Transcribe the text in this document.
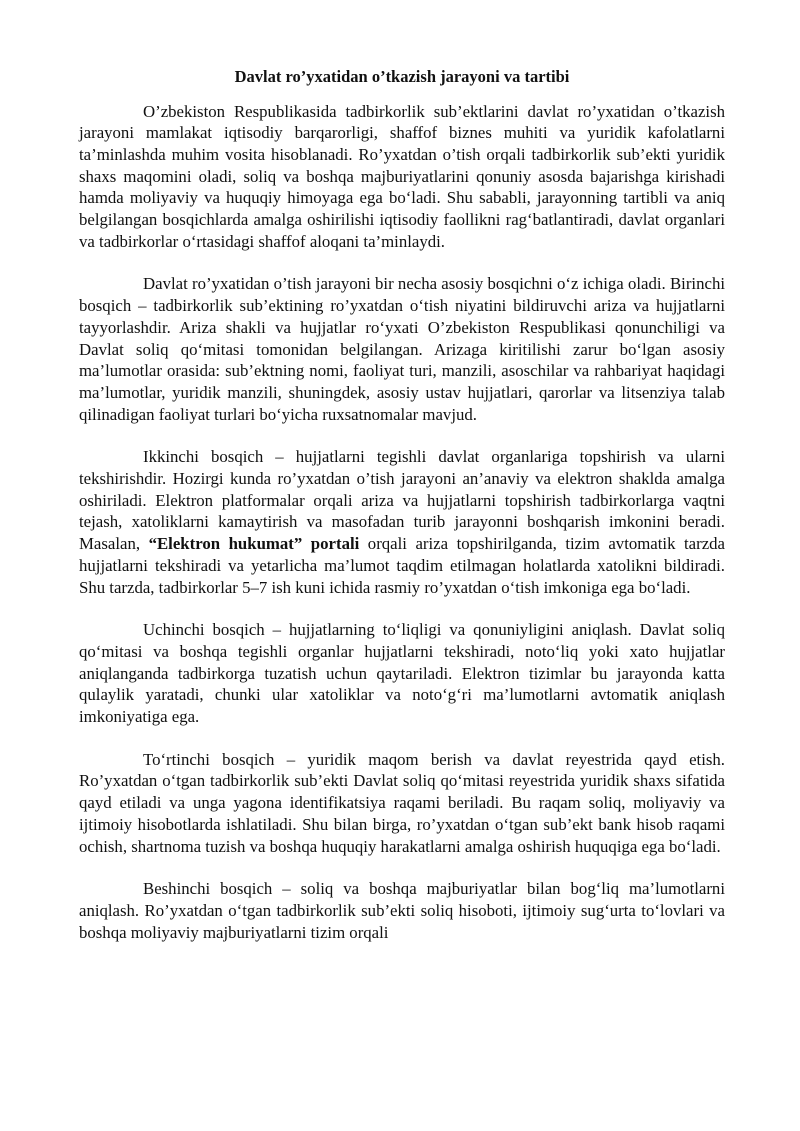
Davlat ro’yxatidan o’tkazish jarayoni va tartibi

O’zbekiston Respublikasida tadbirkorlik sub’ektlarini davlat ro’yxatidan o’tkazish jarayoni mamlakat iqtisodiy barqarorligi, shaffof biznes muhiti va yuridik kafolatlarni ta’minlashda muhim vosita hisoblanadi. Ro’yxatdan o’tish orqali tadbirkorlik sub’ekti yuridik shaxs maqomini oladi, soliq va boshqa majburiyatlarini qonuniy asosda bajarishga kirishadi hamda moliyaviy va huquqiy himoyaga ega bo‘ladi. Shu sababli, jarayonning tartibli va aniq belgilangan bosqichlarda amalga oshirilishi iqtisodiy faollikni rag‘batlantiradi, davlat organlari va tadbirkorlar o‘rtasidagi shaffof aloqani ta’minlaydi.

Davlat ro’yxatidan o’tish jarayoni bir necha asosiy bosqichni o‘z ichiga oladi. Birinchi bosqich – tadbirkorlik sub’ektining ro’yxatdan o‘tish niyatini bildiruvchi ariza va hujjatlarni tayyorlashdir. Ariza shakli va hujjatlar ro‘yxati O’zbekiston Respublikasi qonunchiligi va Davlat soliq qo‘mitasi tomonidan belgilangan. Arizaga kiritilishi zarur bo‘lgan asosiy ma’lumotlar orasida: sub’ektning nomi, faoliyat turi, manzili, asoschilar va rahbariyat haqidagi ma’lumotlar, yuridik manzili, shuningdek, asosiy ustav hujjatlari, qarorlar va litsenziya talab qilinadigan faoliyat turlari bo‘yicha ruxsatnomalar mavjud.

Ikkinchi bosqich – hujjatlarni tegishli davlat organlariga topshirish va ularni tekshirishdir. Hozirgi kunda ro’yxatdan o’tish jarayoni an’anaviy va elektron shaklda amalga oshiriladi. Elektron platformalar orqali ariza va hujjatlarni topshirish tadbirkorlarga vaqtni tejash, xatoliklarni kamaytirish va masofadan turib jarayonni boshqarish imkonini beradi. Masalan, “Elektron hukumat” portali orqali ariza topshirilganda, tizim avtomatik tarzda hujjatlarni tekshiradi va yetarlicha ma’lumot taqdim etilmagan holatlarda xatolikni bildiradi. Shu tarzda, tadbirkorlar 5–7 ish kuni ichida rasmiy ro’yxatdan o‘tish imkoniga ega bo‘ladi.

Uchinchi bosqich – hujjatlarning to‘liqligi va qonuniyligini aniqlash. Davlat soliq qo‘mitasi va boshqa tegishli organlar hujjatlarni tekshiradi, noto‘liq yoki xato hujjatlar aniqlanganda tadbirkorga tuzatish uchun qaytariladi. Elektron tizimlar bu jarayonda katta qulaylik yaratadi, chunki ular xatoliklar va noto‘g‘ri ma’lumotlarni avtomatik aniqlash imkoniyatiga ega.

To‘rtinchi bosqich – yuridik maqom berish va davlat reyestrida qayd etish. Ro’yxatdan o‘tgan tadbirkorlik sub’ekti Davlat soliq qo‘mitasi reyestrida yuridik shaxs sifatida qayd etiladi va unga yagona identifikatsiya raqami beriladi. Bu raqam soliq, moliyaviy va ijtimoiy hisobotlarda ishlatiladi. Shu bilan birga, ro’yxatdan o‘tgan sub’ekt bank hisob raqami ochish, shartnoma tuzish va boshqa huquqiy harakatlarni amalga oshirish huquqiga ega bo‘ladi.

Beshinchi bosqich – soliq va boshqa majburiyatlar bilan bog‘liq ma’lumotlarni aniqlash. Ro’yxatdan o‘tgan tadbirkorlik sub’ekti soliq hisoboti, ijtimoiy sug‘urta to‘lovlari va boshqa moliyaviy majburiyatlarni tizim orqali
